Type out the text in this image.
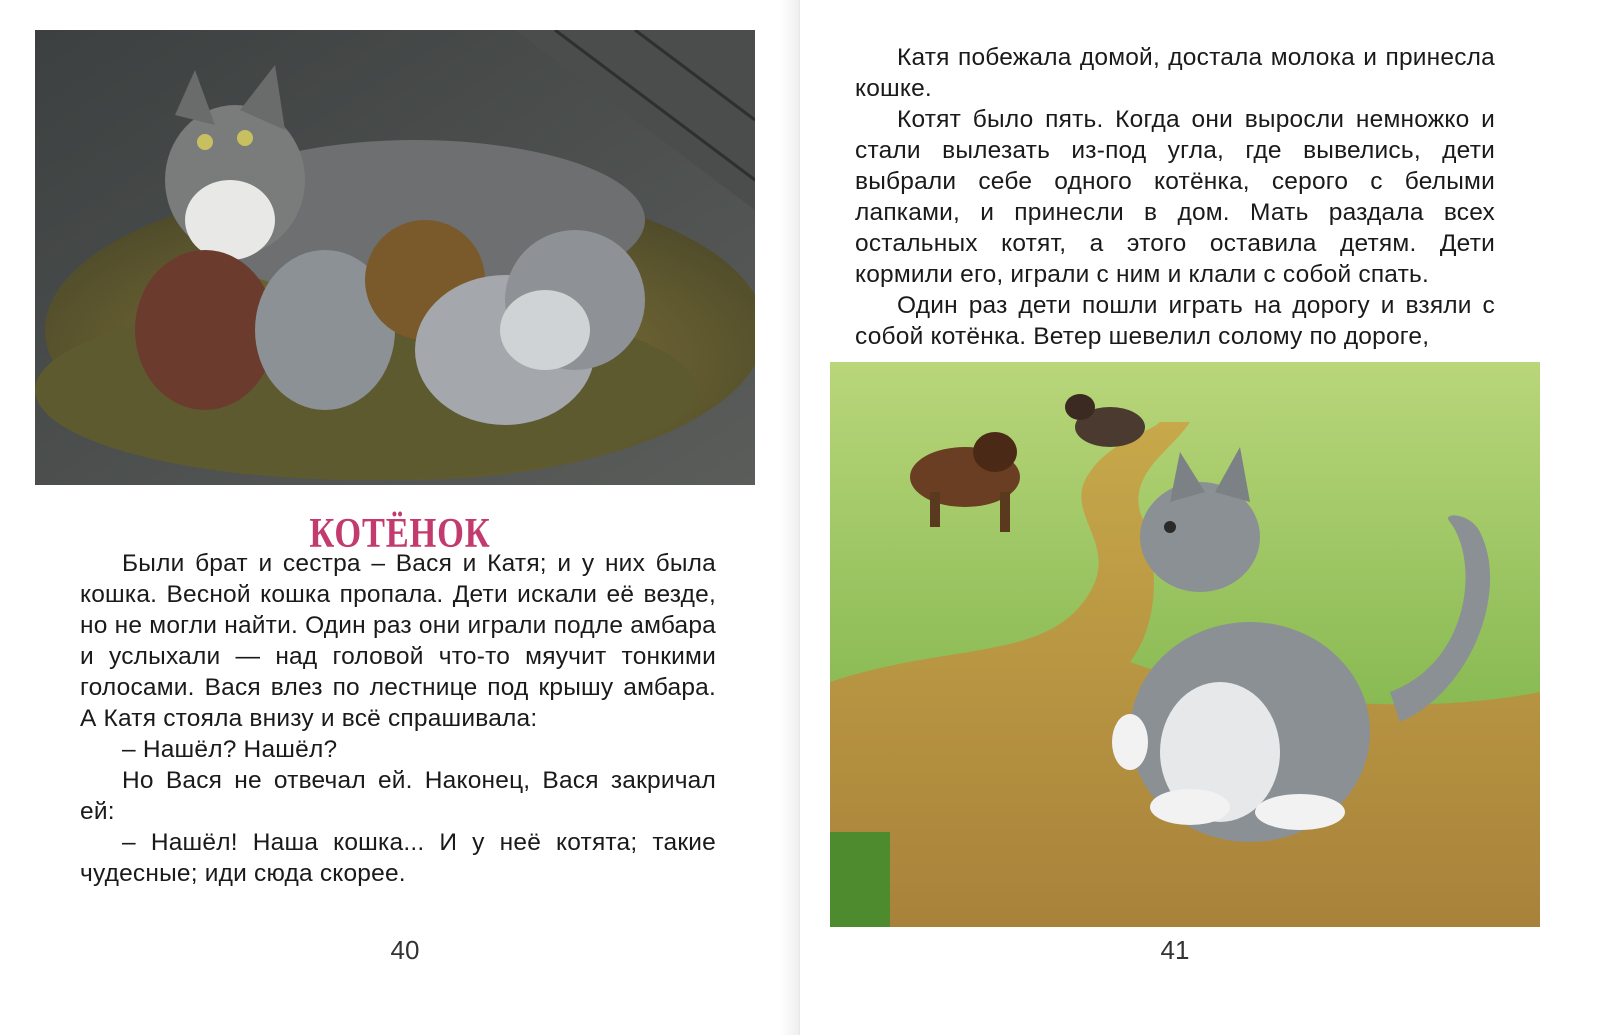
КОТЁНОК

Были брат и сестра – Вася и Катя; и у них была кошка. Весной кошка пропала. Дети искали её везде, но не могли найти. Один раз они играли подле амбара и услыхали — над головой что-то мяучит тонкими голосами. Вася влез по лестнице под крышу амбара. А Катя стояла внизу и всё спрашивала:

– Нашёл? Нашёл?

Но Вася не отвечал ей. Наконец, Вася закричал ей:

– Нашёл! Наша кошка... И у неё котята; такие чудесные; иди сюда скорее.

40

Катя побежала домой, достала молока и принесла кошке.

Котят было пять. Когда они выросли немножко и стали вылезать из-под угла, где вывелись, дети выбрали себе одного котёнка, серого с белыми лапками, и принесли в дом. Мать раздала всех остальных котят, а этого оставила детям. Дети кормили его, играли с ним и клали с собой спать.

Один раз дети пошли играть на дорогу и взяли с собой котёнка. Ветер шевелил солому по дороге,

41
